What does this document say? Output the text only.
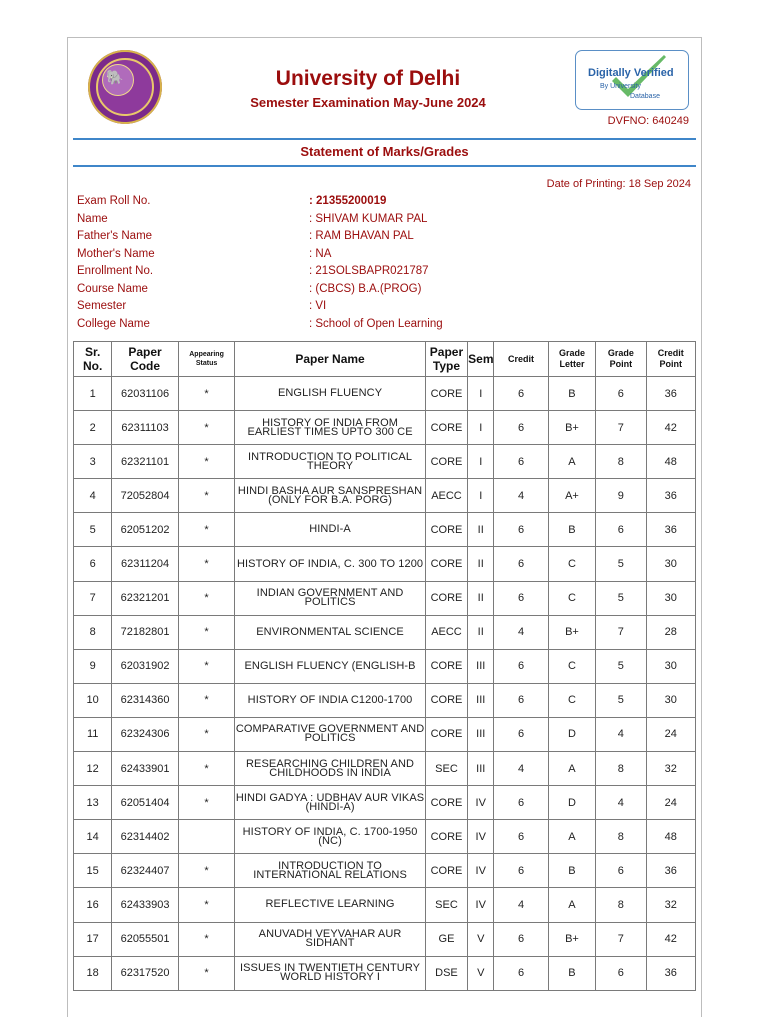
🐘	University of Delhi
Semester Examination May-June 2024
Digitally Verified
By University
Database
DVFNO: 640249
Statement of Marks/Grades
Date of Printing: 18 Sep 2024
Exam Roll No.	: 21355200019
Name	: SHIVAM KUMAR PAL
Father's Name	: RAM BHAVAN PAL
Mother's Name	: NA
Enrollment No.	: 21SOLSBAPR021787
Course Name	: (CBCS) B.A.(PROG)
Semester	: VI
College Name	: School of Open Learning
Sr. No.	Paper Code	Appearing Status	Paper Name	Paper Type	Sem	Credit	Grade Letter	Grade Point	Credit Point
1	62031106	*	ENGLISH FLUENCY	CORE	I	6	B	6	36
2	62311103	*	HISTORY OF INDIA FROM EARLIEST TIMES UPTO 300 CE	CORE	I	6	B+	7	42
3	62321101	*	INTRODUCTION TO POLITICAL THEORY	CORE	I	6	A	8	48
4	72052804	*	HINDI BASHA AUR SANSPRESHAN (ONLY FOR B.A. PORG)	AECC	I	4	A+	9	36
5	62051202	*	HINDI-A	CORE	II	6	B	6	36
6	62311204	*	HISTORY OF INDIA, C. 300 TO 1200	CORE	II	6	C	5	30
7	62321201	*	INDIAN GOVERNMENT AND POLITICS	CORE	II	6	C	5	30
8	72182801	*	ENVIRONMENTAL SCIENCE	AECC	II	4	B+	7	28
9	62031902	*	ENGLISH FLUENCY (ENGLISH-B	CORE	III	6	C	5	30
10	62314360	*	HISTORY OF INDIA C1200-1700	CORE	III	6	C	5	30
11	62324306	*	COMPARATIVE GOVERNMENT AND POLITICS	CORE	III	6	D	4	24
12	62433901	*	RESEARCHING CHILDREN AND CHILDHOODS IN INDIA	SEC	III	4	A	8	32
13	62051404	*	HINDI GADYA : UDBHAV AUR VIKAS (HINDI-A)	CORE	IV	6	D	4	24
14	62314402		HISTORY OF INDIA, C. 1700-1950 (NC)	CORE	IV	6	A	8	48
15	62324407	*	INTRODUCTION TO INTERNATIONAL RELATIONS	CORE	IV	6	B	6	36
16	62433903	*	REFLECTIVE LEARNING	SEC	IV	4	A	8	32
17	62055501	*	ANUVADH VEYVAHAR AUR SIDHANT	GE	V	6	B+	7	42
18	62317520	*	ISSUES IN TWENTIETH CENTURY WORLD HISTORY I	DSE	V	6	B	6	36
